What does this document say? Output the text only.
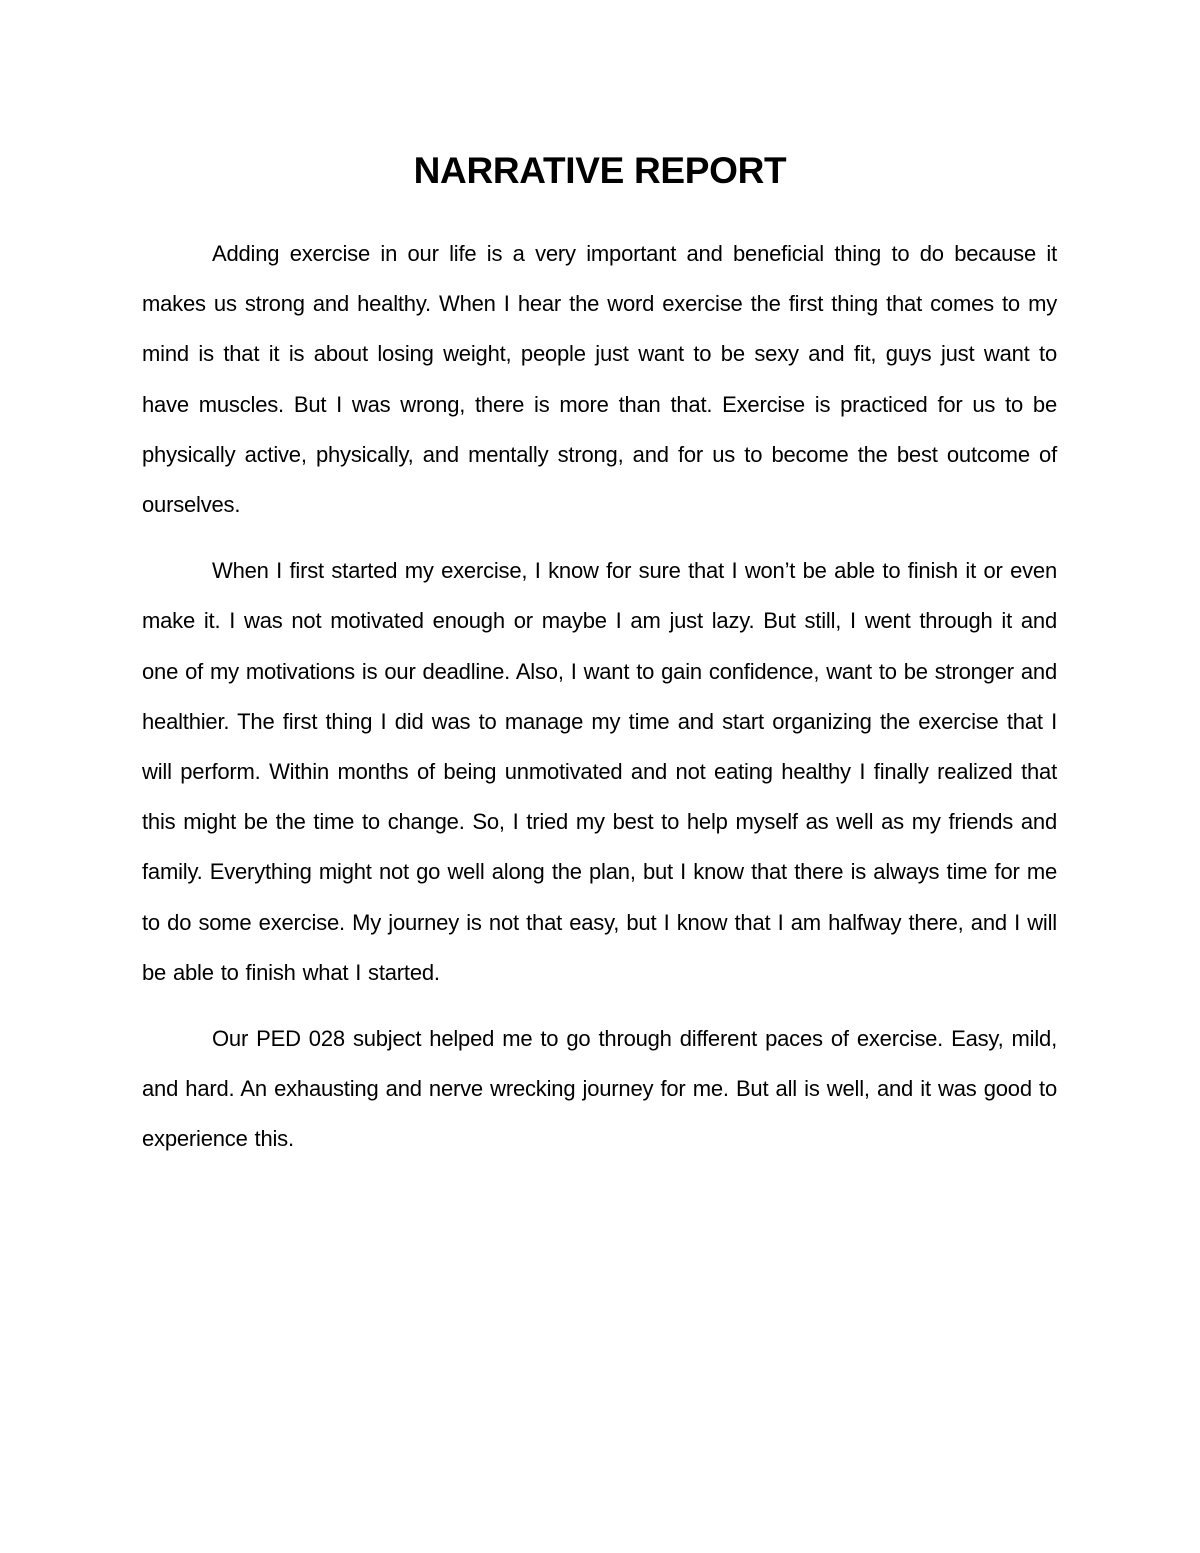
NARRATIVE REPORT

Adding exercise in our life is a very important and beneficial thing to do because it makes us strong and healthy. When I hear the word exercise the first thing that comes to my mind is that it is about losing weight, people just want to be sexy and fit, guys just want to have muscles. But I was wrong, there is more than that. Exercise is practiced for us to be physically active, physically, and mentally strong, and for us to become the best outcome of ourselves.

When I first started my exercise, I know for sure that I won’t be able to finish it or even make it. I was not motivated enough or maybe I am just lazy. But still, I went through it and one of my motivations is our deadline. Also, I want to gain confidence, want to be stronger and healthier. The first thing I did was to manage my time and start organizing the exercise that I will perform. Within months of being unmotivated and not eating healthy I finally realized that this might be the time to change. So, I tried my best to help myself as well as my friends and family. Everything might not go well along the plan, but I know that there is always time for me to do some exercise. My journey is not that easy, but I know that I am halfway there, and I will be able to finish what I started.

Our PED 028 subject helped me to go through different paces of exercise. Easy, mild, and hard. An exhausting and nerve wrecking journey for me. But all is well, and it was good to experience this.
